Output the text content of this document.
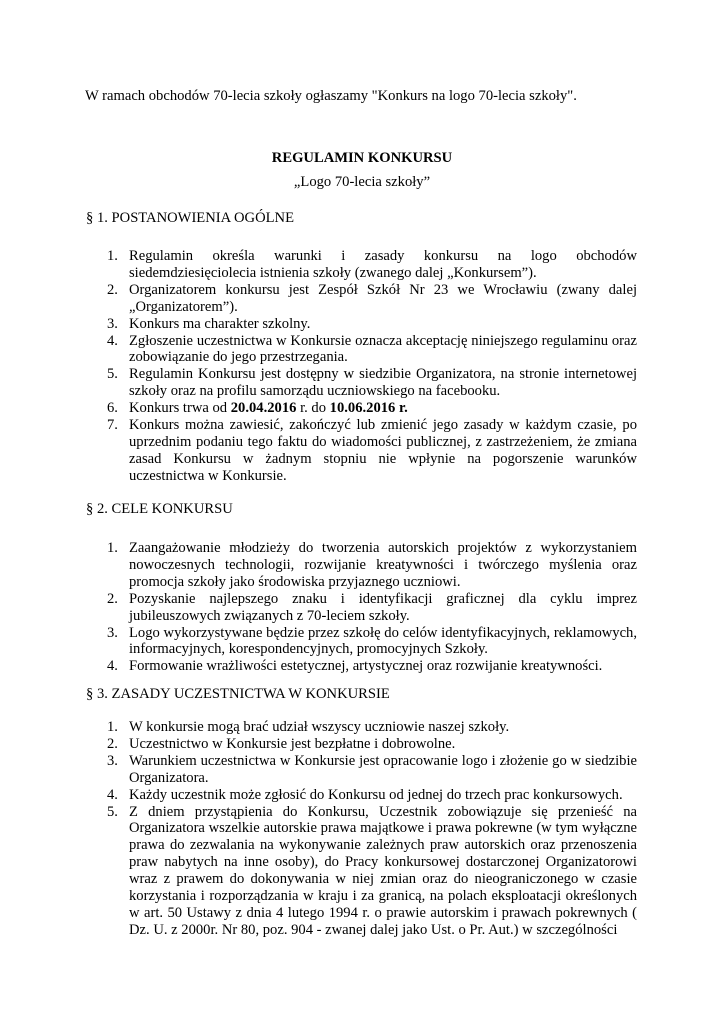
W ramach obchodów 70-lecia szkoły ogłaszamy "Konkurs na logo 70-lecia szkoły".
REGULAMIN KONKURSU
„Logo 70-lecia szkoły”
§ 1. POSTANOWIENIA OGÓLNE
1. Regulamin określa warunki i zasady konkursu na logo obchodów siedemdziesięciolecia istnienia szkoły (zwanego dalej „Konkursem”).
2. Organizatorem konkursu jest Zespół Szkół Nr 23 we Wrocławiu (zwany dalej „Organizatorem”).
3. Konkurs ma charakter szkolny.
4. Zgłoszenie uczestnictwa w Konkursie oznacza akceptację niniejszego regulaminu oraz zobowiązanie do jego przestrzegania.
5. Regulamin Konkursu jest dostępny w siedzibie Organizatora, na stronie internetowej szkoły oraz na profilu samorządu uczniowskiego na facebooku.
6. Konkurs trwa od 20.04.2016 r. do 10.06.2016 r.
7. Konkurs można zawiesić, zakończyć lub zmienić jego zasady w każdym czasie, po uprzednim podaniu tego faktu do wiadomości publicznej, z zastrzeżeniem, że zmiana zasad Konkursu w żadnym stopniu nie wpłynie na pogorszenie warunków uczestnictwa w Konkursie.
§ 2. CELE KONKURSU
1. Zaangażowanie młodzieży do tworzenia autorskich projektów z wykorzystaniem nowoczesnych technologii, rozwijanie kreatywności i twórczego myślenia oraz promocja szkoły jako środowiska przyjaznego uczniowi.
2. Pozyskanie najlepszego znaku i identyfikacji graficznej dla cyklu imprez jubileuszowych związanych z 70-leciem szkoły.
3. Logo wykorzystywane będzie przez szkołę do celów identyfikacyjnych, reklamowych, informacyjnych, korespondencyjnych, promocyjnych Szkoły.
4. Formowanie wrażliwości estetycznej, artystycznej oraz rozwijanie kreatywności.
§ 3. ZASADY UCZESTNICTWA W KONKURSIE
1. W konkursie mogą brać udział wszyscy uczniowie naszej szkoły.
2. Uczestnictwo w Konkursie jest bezpłatne i dobrowolne.
3. Warunkiem uczestnictwa w Konkursie jest opracowanie logo i złożenie go w siedzibie Organizatora.
4. Każdy uczestnik może zgłosić do Konkursu od jednej do trzech prac konkursowych.
5. Z dniem przystąpienia do Konkursu, Uczestnik zobowiązuje się przenieść na Organizatora wszelkie autorskie prawa majątkowe i prawa pokrewne (w tym wyłączne prawa do zezwalania na wykonywanie zależnych praw autorskich oraz przenoszenia praw nabytych na inne osoby), do Pracy konkursowej dostarczonej Organizatorowi wraz z prawem do dokonywania w niej zmian oraz do nieograniczonego w czasie korzystania i rozporządzania w kraju i za granicą, na polach eksploatacji określonych w art. 50 Ustawy z dnia 4 lutego 1994 r. o prawie autorskim i prawach pokrewnych ( Dz. U. z 2000r. Nr 80, poz. 904 - zwanej dalej jako Ust. o Pr. Aut.) w szczególności
